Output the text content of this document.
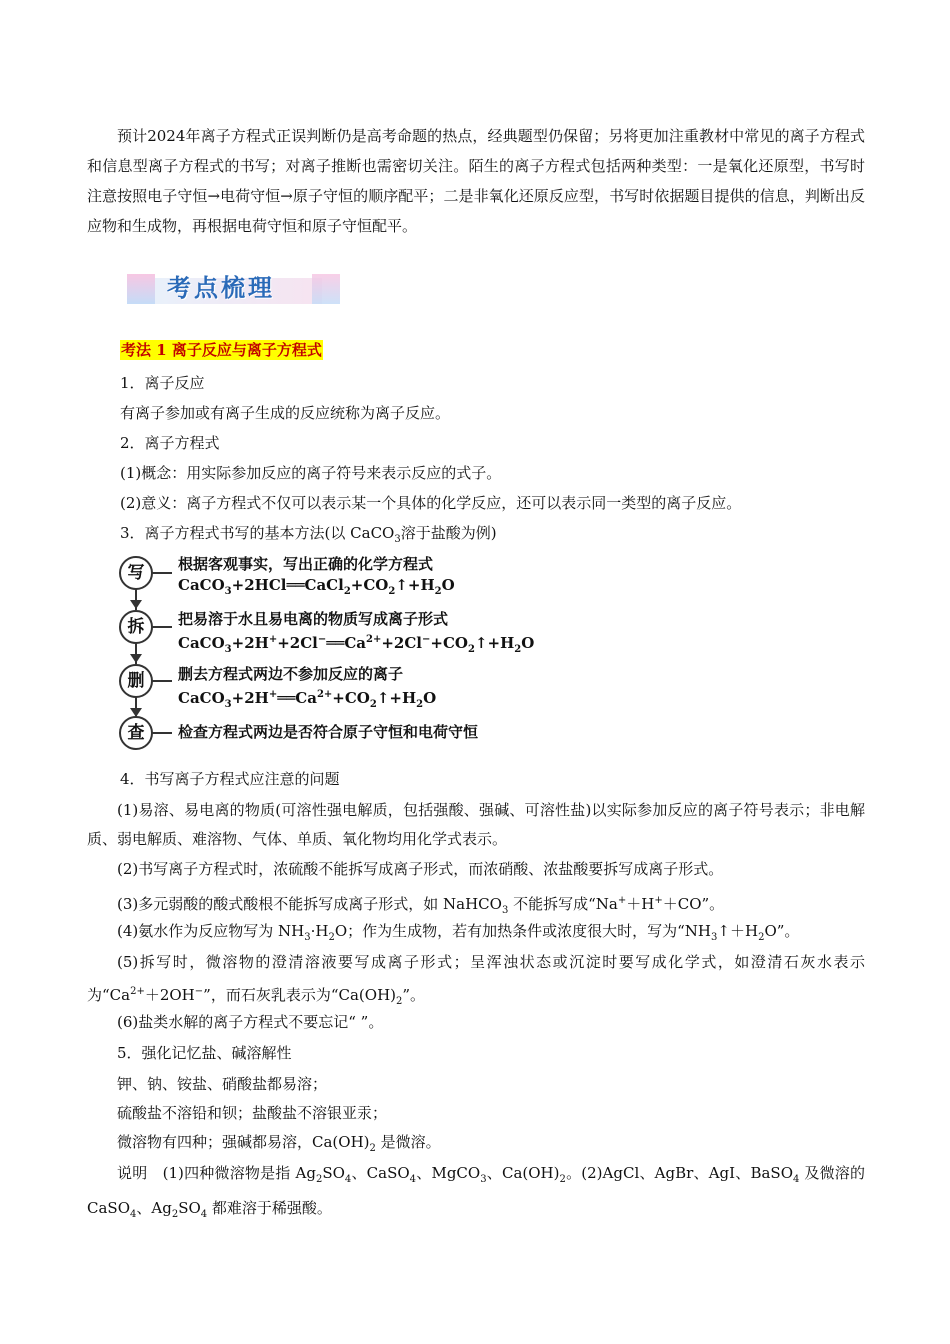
预计2024年离子方程式正误判断仍是高考命题的热点，经典题型仍保留；另将更加注重教材中常见的离子方程式和信息型离子方程式的书写；对离子推断也需密切关注。陌生的离子方程式包括两种类型：一是氧化还原型，书写时注意按照电子守恒→电荷守恒→原子守恒的顺序配平；二是非氧化还原反应型，书写时依据题目提供的信息，判断出反应物和生成物，再根据电荷守恒和原子守恒配平。

考点梳理
考法 1 离子反应与离子方程式

1．离子反应

有离子参加或有离子生成的反应统称为离子反应。

2．离子方程式

(1)概念：用实际参加反应的离子符号来表示反应的式子。

(2)意义：离子方程式不仅可以表示某一个具体的化学反应，还可以表示同一类型的离子反应。

3．离子方程式书写的基本方法(以 CaCO$_3$溶于盐酸为例)

写	根据客观事实，写出正确的化学方程式
$CaCO_3+2HCl══CaCl_2+CO_2↑+H_2O$
拆	把易溶于水且易电离的物质写成离子形式
$CaCO_3+2H^++2Cl^-══Ca^{2+}+2Cl^-+CO_2↑+H_2O$
删	删去方程式两边不参加反应的离子
$CaCO_3+2H^+══Ca^{2+}+CO_2↑+H_2O$
查	检查方程式两边是否符合原子守恒和电荷守恒

4．书写离子方程式应注意的问题

(1)易溶、易电离的物质(可溶性强电解质，包括强酸、强碱、可溶性盐)以实际参加反应的离子符号表示；非电解质、弱电解质、难溶物、气体、单质、氧化物均用化学式表示。

(2)书写离子方程式时，浓硫酸不能拆写成离子形式，而浓硝酸、浓盐酸要拆写成离子形式。

(3)多元弱酸的酸式酸根不能拆写成离子形式，如 NaHCO$_3$ 不能拆写成“Na+＋H+＋CO”。

(4)氨水作为反应物写为 $NH_3\cdot H_2O$；作为生成物，若有加热条件或浓度很大时，写为“$NH_3↑+H_2O$”。

(5)拆写时，微溶物的澄清溶液要写成离子形式；呈浑浊状态或沉淀时要写成化学式，如澄清石灰水表示为“$Ca^{2+}+2OH^-$”，而石灰乳表示为“$Ca(OH)_2$”。

(6)盐类水解的离子方程式不要忘记“ ”。

5．强化记忆盐、碱溶解性

钾、钠、铵盐、硝酸盐都易溶；

硫酸盐不溶铅和钡；盐酸盐不溶银亚汞；

微溶物有四种；强碱都易溶，$Ca(OH)_2$ 是微溶。

说明　(1)四种微溶物是指 $Ag_2SO_4$、CaSO$_4$、MgCO$_3$、$Ca(OH)_2$。(2)AgCl、AgBr、AgI、BaSO$_4$ 及微溶的 CaSO$_4$、$Ag_2SO_4$ 都难溶于稀强酸。
